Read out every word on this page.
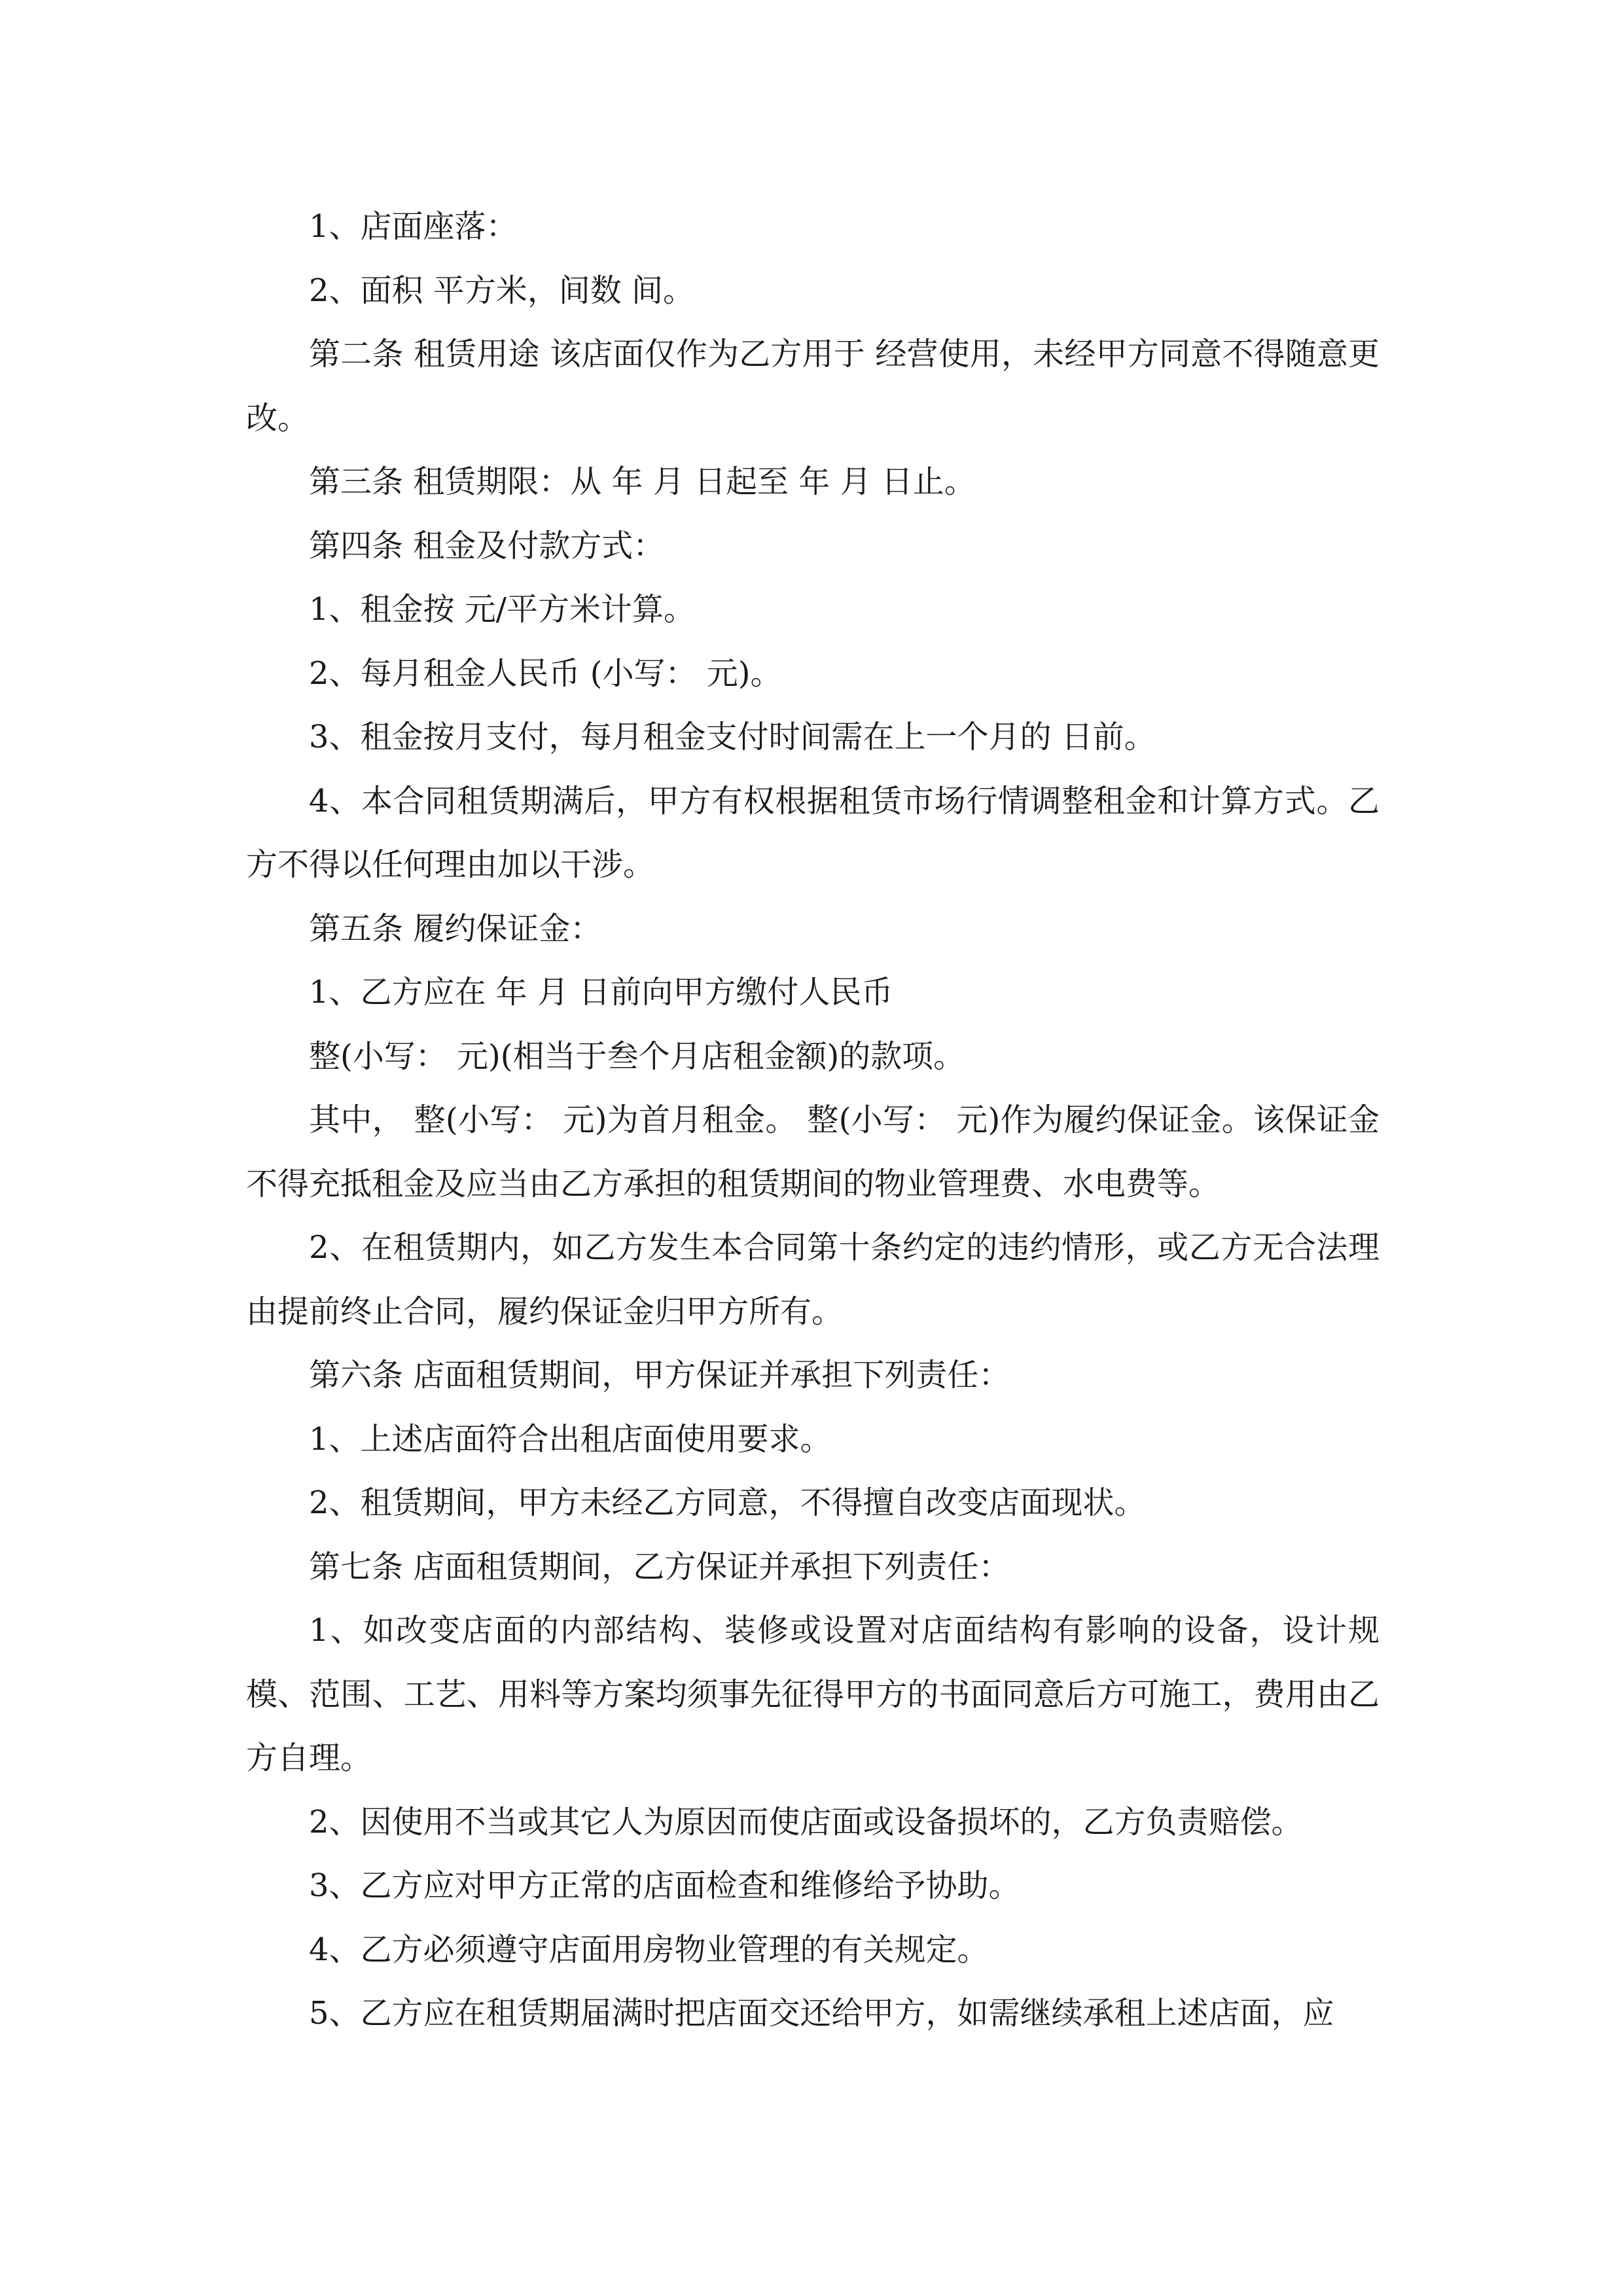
1、店面座落：

2、面积 平方米，间数 间。

第二条 租赁用途 该店面仅作为乙方用于 经营使用，未经甲方同意不得随意更改。

第三条 租赁期限：从 年 月 日起至 年 月 日止。

第四条 租金及付款方式：

1、租金按 元/平方米计算。

2、每月租金人民币 (小写： 元)。

3、租金按月支付，每月租金支付时间需在上一个月的 日前。

4、本合同租赁期满后，甲方有权根据租赁市场行情调整租金和计算方式。乙方不得以任何理由加以干涉。

第五条 履约保证金：

1、乙方应在 年 月 日前向甲方缴付人民币

整(小写： 元)(相当于叁个月店租金额)的款项。

其中， 整(小写： 元)为首月租金。 整(小写： 元)作为履约保证金。该保证金不得充抵租金及应当由乙方承担的租赁期间的物业管理费、水电费等。

2、在租赁期内，如乙方发生本合同第十条约定的违约情形，或乙方无合法理由提前终止合同，履约保证金归甲方所有。

第六条 店面租赁期间，甲方保证并承担下列责任：

1、上述店面符合出租店面使用要求。

2、租赁期间，甲方未经乙方同意，不得擅自改变店面现状。

第七条 店面租赁期间，乙方保证并承担下列责任：

1、如改变店面的内部结构、装修或设置对店面结构有影响的设备，设计规模、范围、工艺、用料等方案均须事先征得甲方的书面同意后方可施工，费用由乙方自理。

2、因使用不当或其它人为原因而使店面或设备损坏的，乙方负责赔偿。

3、乙方应对甲方正常的店面检查和维修给予协助。

4、乙方必须遵守店面用房物业管理的有关规定。

5、乙方应在租赁期届满时把店面交还给甲方，如需继续承租上述店面，应
